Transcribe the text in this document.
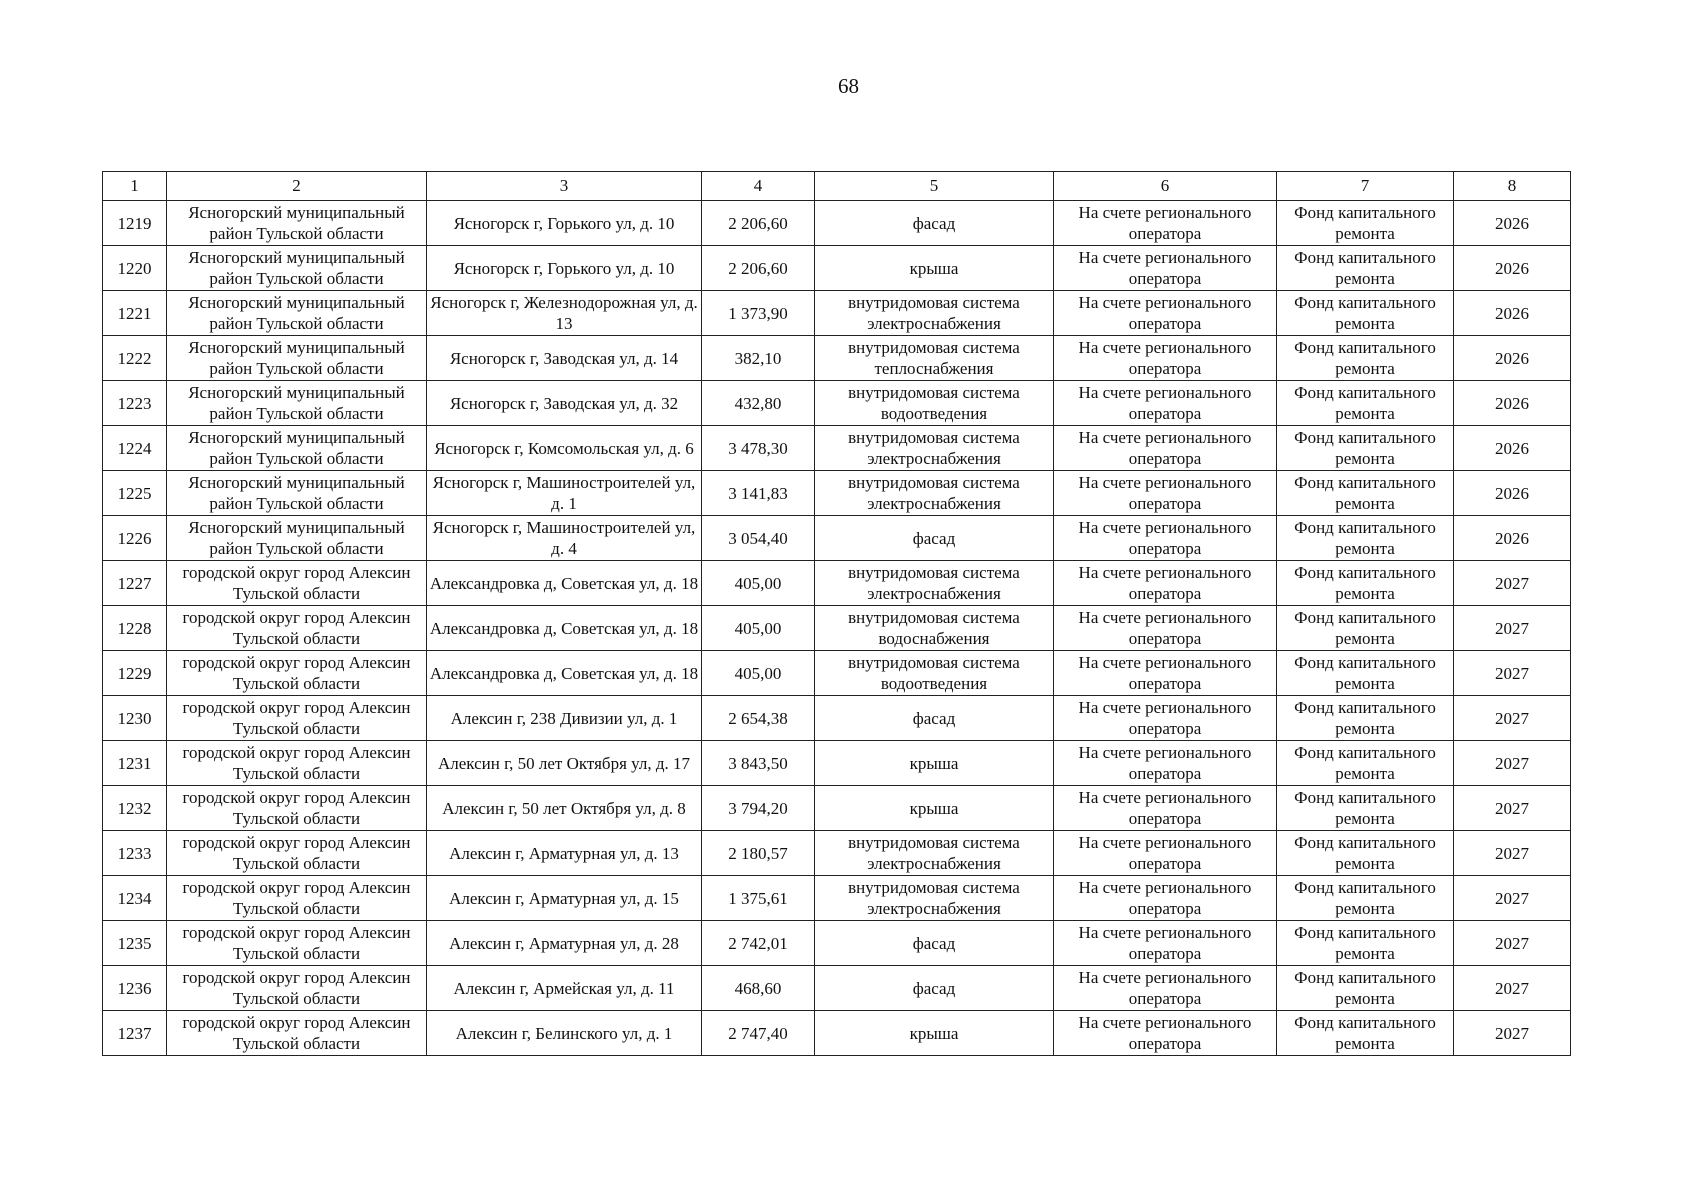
68
1	2	3	4	5	6	7	8
1219	Ясногорский муниципальный район Тульской области	Ясногорск г, Горького ул, д. 10	2 206,60	фасад	На счете регионального оператора	Фонд капитального ремонта	2026
1220	Ясногорский муниципальный район Тульской области	Ясногорск г, Горького ул, д. 10	2 206,60	крыша	На счете регионального оператора	Фонд капитального ремонта	2026
1221	Ясногорский муниципальный район Тульской области	Ясногорск г, Железнодорожная ул, д. 13	1 373,90	внутридомовая система электроснабжения	На счете регионального оператора	Фонд капитального ремонта	2026
1222	Ясногорский муниципальный район Тульской области	Ясногорск г, Заводская ул, д. 14	382,10	внутридомовая система теплоснабжения	На счете регионального оператора	Фонд капитального ремонта	2026
1223	Ясногорский муниципальный район Тульской области	Ясногорск г, Заводская ул, д. 32	432,80	внутридомовая система водоотведения	На счете регионального оператора	Фонд капитального ремонта	2026
1224	Ясногорский муниципальный район Тульской области	Ясногорск г, Комсомольская ул, д. 6	3 478,30	внутридомовая система электроснабжения	На счете регионального оператора	Фонд капитального ремонта	2026
1225	Ясногорский муниципальный район Тульской области	Ясногорск г, Машиностроителей ул, д. 1	3 141,83	внутридомовая система электроснабжения	На счете регионального оператора	Фонд капитального ремонта	2026
1226	Ясногорский муниципальный район Тульской области	Ясногорск г, Машиностроителей ул, д. 4	3 054,40	фасад	На счете регионального оператора	Фонд капитального ремонта	2026
1227	городской округ город Алексин Тульской области	Александровка д, Советская ул, д. 18	405,00	внутридомовая система электроснабжения	На счете регионального оператора	Фонд капитального ремонта	2027
1228	городской округ город Алексин Тульской области	Александровка д, Советская ул, д. 18	405,00	внутридомовая система водоснабжения	На счете регионального оператора	Фонд капитального ремонта	2027
1229	городской округ город Алексин Тульской области	Александровка д, Советская ул, д. 18	405,00	внутридомовая система водоотведения	На счете регионального оператора	Фонд капитального ремонта	2027
1230	городской округ город Алексин Тульской области	Алексин г, 238 Дивизии ул, д. 1	2 654,38	фасад	На счете регионального оператора	Фонд капитального ремонта	2027
1231	городской округ город Алексин Тульской области	Алексин г, 50 лет Октября ул, д. 17	3 843,50	крыша	На счете регионального оператора	Фонд капитального ремонта	2027
1232	городской округ город Алексин Тульской области	Алексин г, 50 лет Октября ул, д. 8	3 794,20	крыша	На счете регионального оператора	Фонд капитального ремонта	2027
1233	городской округ город Алексин Тульской области	Алексин г, Арматурная ул, д. 13	2 180,57	внутридомовая система электроснабжения	На счете регионального оператора	Фонд капитального ремонта	2027
1234	городской округ город Алексин Тульской области	Алексин г, Арматурная ул, д. 15	1 375,61	внутридомовая система электроснабжения	На счете регионального оператора	Фонд капитального ремонта	2027
1235	городской округ город Алексин Тульской области	Алексин г, Арматурная ул, д. 28	2 742,01	фасад	На счете регионального оператора	Фонд капитального ремонта	2027
1236	городской округ город Алексин Тульской области	Алексин г, Армейская ул, д. 11	468,60	фасад	На счете регионального оператора	Фонд капитального ремонта	2027
1237	городской округ город Алексин Тульской области	Алексин г, Белинского ул, д. 1	2 747,40	крыша	На счете регионального оператора	Фонд капитального ремонта	2027
